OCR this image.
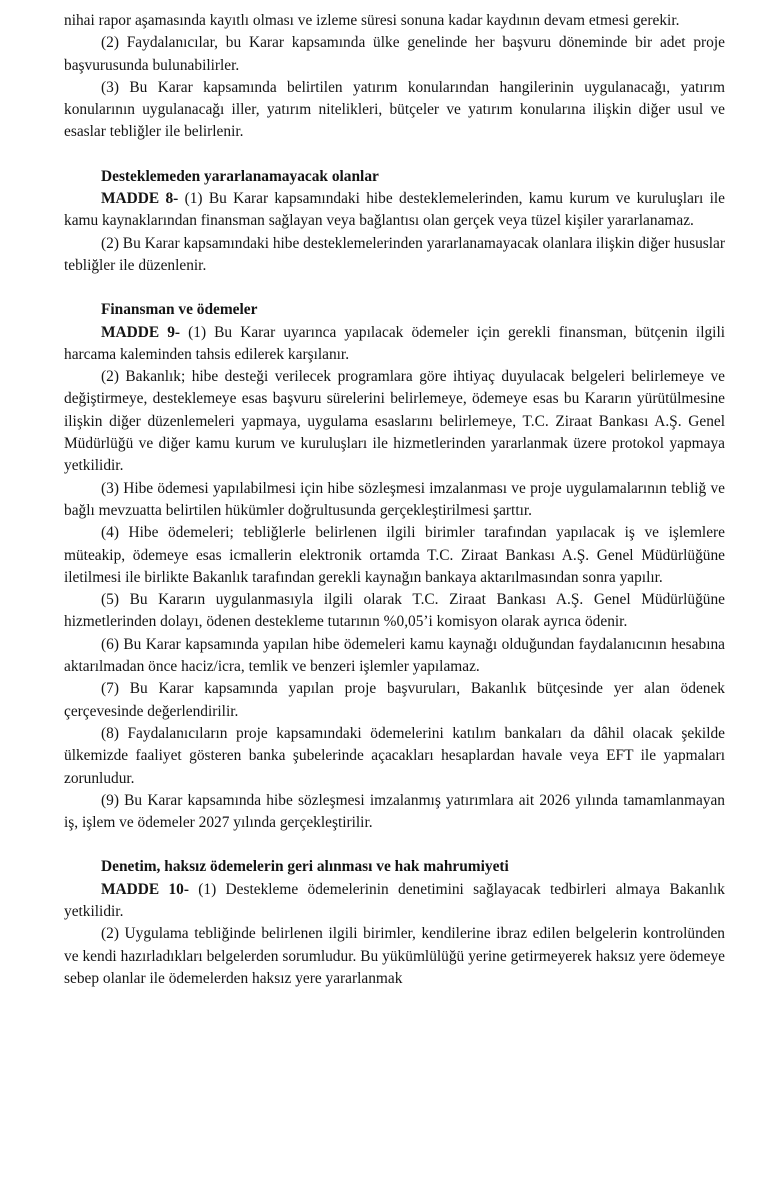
nihai rapor aşamasında kayıtlı olması ve izleme süresi sonuna kadar kaydının devam etmesi gerekir.

(2) Faydalanıcılar, bu Karar kapsamında ülke genelinde her başvuru döneminde bir adet proje başvurusunda bulunabilirler.

(3) Bu Karar kapsamında belirtilen yatırım konularından hangilerinin uygulanacağı, yatırım konularının uygulanacağı iller, yatırım nitelikleri, bütçeler ve yatırım konularına ilişkin diğer usul ve esaslar tebliğler ile belirlenir.

Desteklemeden yararlanamayacak olanlar

MADDE 8- (1) Bu Karar kapsamındaki hibe desteklemelerinden, kamu kurum ve kuruluşları ile kamu kaynaklarından finansman sağlayan veya bağlantısı olan gerçek veya tüzel kişiler yararlanamaz.

(2) Bu Karar kapsamındaki hibe desteklemelerinden yararlanamayacak olanlara ilişkin diğer hususlar tebliğler ile düzenlenir.

Finansman ve ödemeler

MADDE 9- (1) Bu Karar uyarınca yapılacak ödemeler için gerekli finansman, bütçenin ilgili harcama kaleminden tahsis edilerek karşılanır.

(2) Bakanlık; hibe desteği verilecek programlara göre ihtiyaç duyulacak belgeleri belirlemeye ve değiştirmeye, desteklemeye esas başvuru sürelerini belirlemeye, ödemeye esas bu Kararın yürütülmesine ilişkin diğer düzenlemeleri yapmaya, uygulama esaslarını belirlemeye, T.C. Ziraat Bankası A.Ş. Genel Müdürlüğü ve diğer kamu kurum ve kuruluşları ile hizmetlerinden yararlanmak üzere protokol yapmaya yetkilidir.

(3) Hibe ödemesi yapılabilmesi için hibe sözleşmesi imzalanması ve proje uygulamalarının tebliğ ve bağlı mevzuatta belirtilen hükümler doğrultusunda gerçekleştirilmesi şarttır.

(4) Hibe ödemeleri; tebliğlerle belirlenen ilgili birimler tarafından yapılacak iş ve işlemlere müteakip, ödemeye esas icmallerin elektronik ortamda T.C. Ziraat Bankası A.Ş. Genel Müdürlüğüne iletilmesi ile birlikte Bakanlık tarafından gerekli kaynağın bankaya aktarılmasından sonra yapılır.

(5) Bu Kararın uygulanmasıyla ilgili olarak T.C. Ziraat Bankası A.Ş. Genel Müdürlüğüne hizmetlerinden dolayı, ödenen destekleme tutarının %0,05’i komisyon olarak ayrıca ödenir.

(6) Bu Karar kapsamında yapılan hibe ödemeleri kamu kaynağı olduğundan faydalanıcının hesabına aktarılmadan önce haciz/icra, temlik ve benzeri işlemler yapılamaz.

(7) Bu Karar kapsamında yapılan proje başvuruları, Bakanlık bütçesinde yer alan ödenek çerçevesinde değerlendirilir.

(8) Faydalanıcıların proje kapsamındaki ödemelerini katılım bankaları da dâhil olacak şekilde ülkemizde faaliyet gösteren banka şubelerinde açacakları hesaplardan havale veya EFT ile yapmaları zorunludur.

(9) Bu Karar kapsamında hibe sözleşmesi imzalanmış yatırımlara ait 2026 yılında tamamlanmayan iş, işlem ve ödemeler 2027 yılında gerçekleştirilir.

Denetim, haksız ödemelerin geri alınması ve hak mahrumiyeti

MADDE 10- (1) Destekleme ödemelerinin denetimini sağlayacak tedbirleri almaya Bakanlık yetkilidir.

(2) Uygulama tebliğinde belirlenen ilgili birimler, kendilerine ibraz edilen belgelerin kontrolünden ve kendi hazırladıkları belgelerden sorumludur. Bu yükümlülüğü yerine getirmeyerek haksız yere ödemeye sebep olanlar ile ödemelerden haksız yere yararlanmak
